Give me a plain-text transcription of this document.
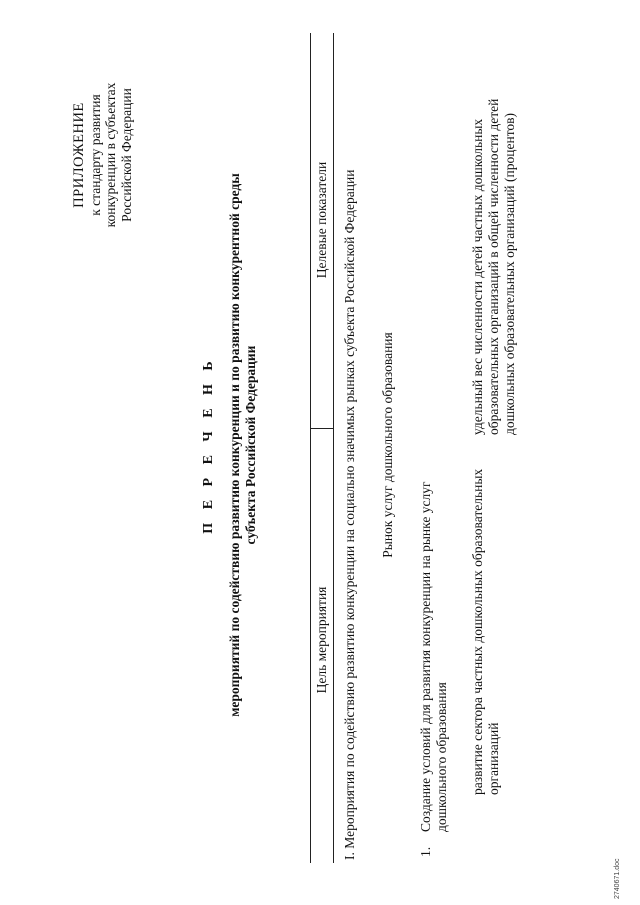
ПРИЛОЖЕНИЕ к стандарту развития конкуренции в субъектах Российской Федерации
П Е Р Е Ч Е Н Ь мероприятий по содействию развитию конкуренции и по развитию конкурентной среды субъекта Российской Федерации
Цель мероприятия
Целевые показатели I. Мероприятия по содействию развитию конкуренции на социально значимых рынках субъекта Российской Федерации Рынок услуг дошкольного образования
1.
Создание условий для развития конкуренции на рынке услуг дошкольного образования развитие сектора частных дошкольных образовательных организаций
удельный вес численности детей частных дошкольных образовательных организаций в общей численности детей дошкольных образовательных организаций (процентов)
2740671.doc
